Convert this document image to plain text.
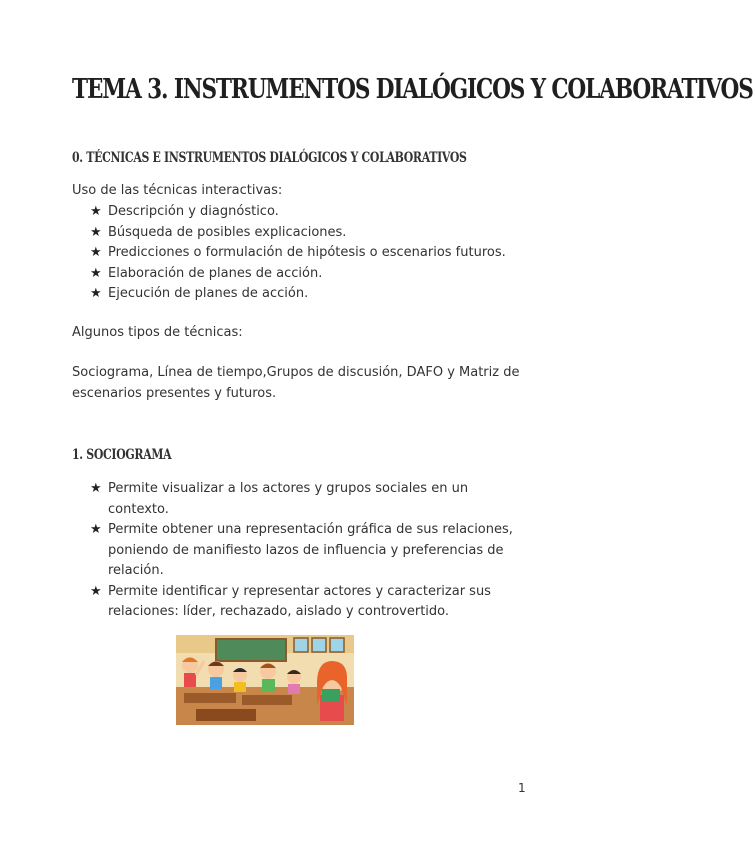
TEMA 3. INSTRUMENTOS DIALÓGICOS Y COLABORATIVOS
0. TÉCNICAS E INSTRUMENTOS DIALÓGICOS Y COLABORATIVOS

Uso de las técnicas interactivas:

★ Descripción y diagnóstico.
★ Búsqueda de posibles explicaciones.
★ Predicciones o formulación de hipótesis o escenarios futuros.
★ Elaboración de planes de acción.
★ Ejecución de planes de acción.

Algunos tipos de técnicas:

Sociograma, Línea de tiempo,Grupos de discusión, DAFO y Matriz de escenarios presentes y futuros.

1. SOCIOGRAMA
★ Permite visualizar a los actores y grupos sociales en un contexto.
★ Permite obtener una representación gráfica de sus relaciones, poniendo de manifiesto lazos de influencia y preferencias de relación.
★ Permite identificar y representar actores y caracterizar sus relaciones: líder, rechazado, aislado y controvertido.
1
